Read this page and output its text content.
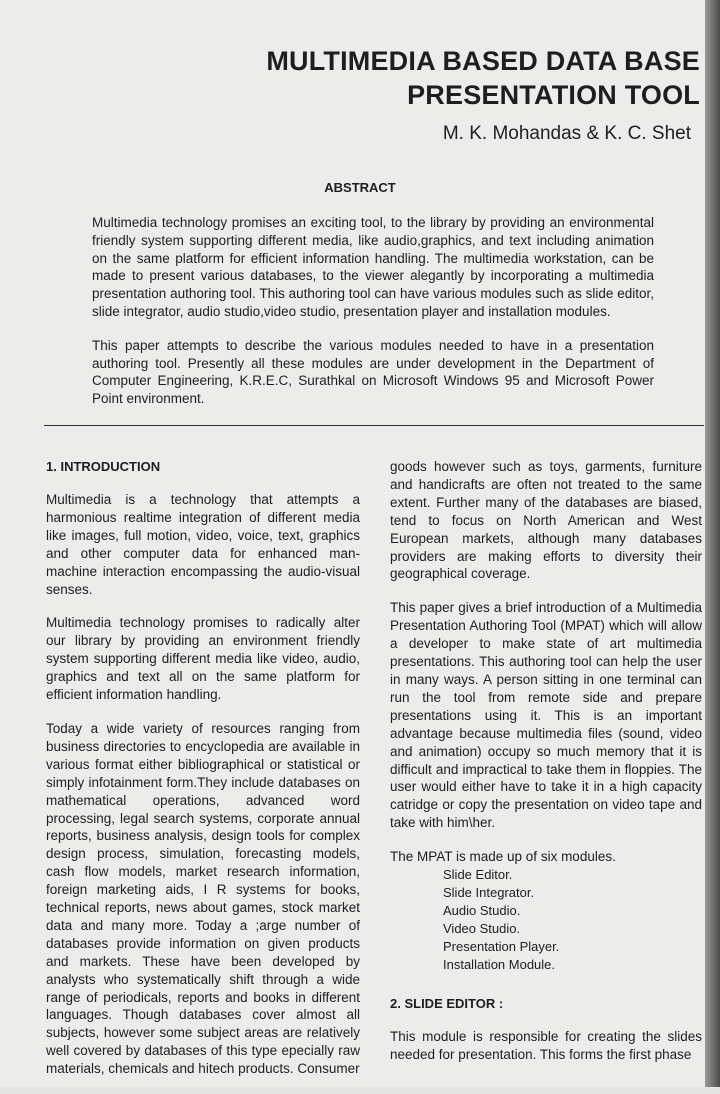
MULTIMEDIA BASED DATA BASE PRESENTATION TOOL

M. K. Mohandas & K. C. Shet

ABSTRACT

Multimedia technology promises an exciting tool, to the library by providing an environmental friendly system supporting different media, like audio,graphics, and text including animation on the same platform for efficient information handling. The multimedia workstation, can be made to present various databases, to the viewer alegantly by incorporating a multimedia presentation authoring tool. This authoring tool can have various modules such as slide editor, slide integrator, audio studio,video studio, presentation player and installation modules.

This paper attempts to describe the various modules needed to have in a presentation authoring tool. Presently all these modules are under development in the Department of Computer Engineering, K.R.E.C, Surathkal on Microsoft Windows 95 and Microsoft Power Point environment.

1. INTRODUCTION

Multimedia is a technology that attempts a harmonious realtime integration of different media like images, full motion, video, voice, text, graphics and other computer data for enhanced man-machine interaction encompassing the audio-visual senses.

Multimedia technology promises to radically alter our library by providing an environment friendly system supporting different media like video, audio, graphics and text all on the same platform for efficient information handling.

Today a wide variety of resources ranging from business directories to encyclopedia are available in various format either bibliographical or statistical or simply infotainment form.They include databases on mathematical operations, advanced word processing, legal search systems, corporate annual reports, business analysis, design tools for complex design process, simulation, forecasting models, cash flow models, market research information, foreign marketing aids, I R systems for books, technical reports, news about games, stock market data and many more. Today a ;arge number of databases provide information on given products and markets. These have been developed by analysts who systematically shift through a wide range of periodicals, reports and books in different languages. Though databases cover almost all subjects, however some subject areas are relatively well covered by databases of this type epecially raw materials, chemicals and hitech products. Consumer

goods however such as toys, garments, furniture and handicrafts are often not treated to the same extent. Further many of the databases are biased, tend to focus on North American and West European markets, although many databases providers are making efforts to diversity their geographical coverage.

This paper gives a brief introduction of a Multimedia Presentation Authoring Tool (MPAT) which will allow a developer to make state of art multimedia presentations. This authoring tool can help the user in many ways. A person sitting in one terminal can run the tool from remote side and prepare presentations using it. This is an important advantage because multimedia files (sound, video and animation) occupy so much memory that it is difficult and impractical to take them in floppies. The user would either have to take it in a high capacity catridge or copy the presentation on video tape and take with him\her.

The MPAT is made up of six modules.

Slide Editor.
Slide Integrator.
Audio Studio.
Video Studio.
Presentation Player.
Installation Module.
2. SLIDE EDITOR :

This module is responsible for creating the slides needed for presentation. This forms the first phase
